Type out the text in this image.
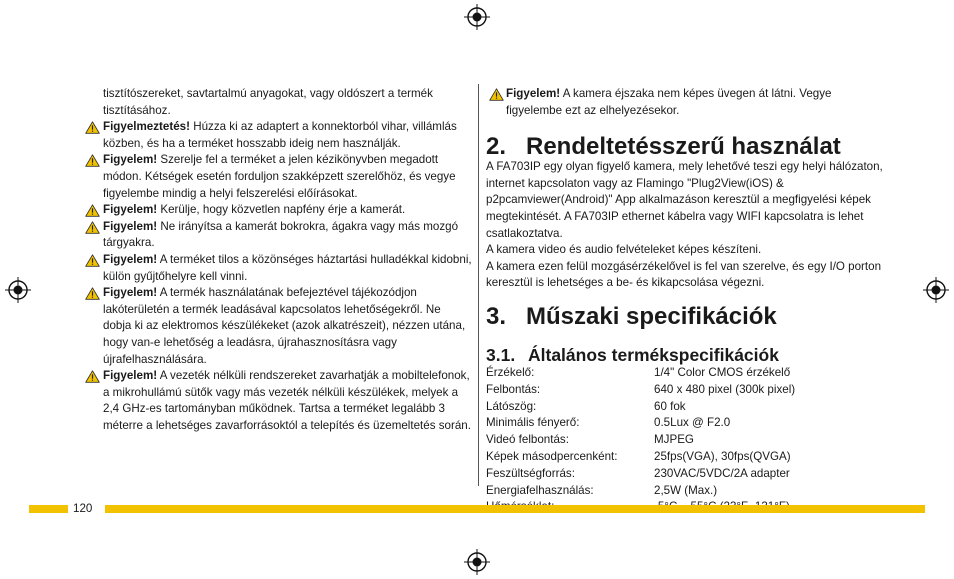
tisztítószereket, savtartalmú anyagokat, vagy oldószert a termék tisztításához.

Figyelmeztetés! Húzza ki az adaptert a konnektorból vihar, villámlás közben, és ha a terméket hosszabb ideig nem használják.

Figyelem! Szerelje fel a terméket a jelen kézikönyvben megadott módon. Kétségek esetén forduljon szakképzett szerelőhöz, és vegye figyelembe mindig a helyi felszerelési előírásokat.

Figyelem! Kerülje, hogy közvetlen napfény érje a kamerát.

Figyelem! Ne irányítsa a kamerát bokrokra, ágakra vagy más mozgó tárgyakra.

Figyelem! A terméket tilos a közönséges háztartási hulladékkal kidobni, külön gyűjtőhelyre kell vinni.

Figyelem! A termék használatának befejeztével tájékozódjon lakóterületén a termék leadásával kapcsolatos lehetőségekről. Ne dobja ki az elektromos készülékeket (azok alkatrészeit), nézzen utána, hogy van-e lehetőség a leadásra, újrahasznosításra vagy újrafelhasználására.

Figyelem! A vezeték nélküli rendszereket zavarhatják a mobiltelefonok, a mikrohullámú sütők vagy más vezeték nélküli készülékek, melyek a 2,4 GHz-es tartományban működnek. Tartsa a terméket legalább 3 méterre a lehetséges zavarforrásoktól a telepítés és üzemeltetés során.

Figyelem! A kamera éjszaka nem képes üvegen át látni. Vegye figyelembe ezt az elhelyezésekor.

2. Rendeltetésszerű használat

A FA703IP egy olyan figyelő kamera, mely lehetővé teszi egy helyi hálózaton, internet kapcsolaton vagy az Flamingo "Plug2View(iOS) & p2pcamviewer(Android)" App alkalmazáson keresztül a megfigyelési képek megtekintését. A FA703IP ethernet kábelra vagy WIFI kapcsolatra is lehet csatlakoztatva.

A kamera video és audio felvételeket képes készíteni.

A kamera ezen felül mozgásérzékelővel is fel van szerelve, és egy I/O porton keresztül is lehetséges a be- és kikapcsolása végezni.

3. Műszaki specifikációk
3.1. Általános termékspecifikációk
Érzékelő:	1/4" Color CMOS érzékelő
Felbontás:	640 x 480 pixel (300k pixel)
Látószög:	60 fok
Minimális fényerő:	0.5Lux @ F2.0
Videó felbontás:	MJPEG
Képek másodpercenként:	25fps(VGA), 30fps(QVGA)
Feszültségforrás:	230VAC/5VDC/2A adapter
Energiafelhasználás:	2,5W (Max.)

120
